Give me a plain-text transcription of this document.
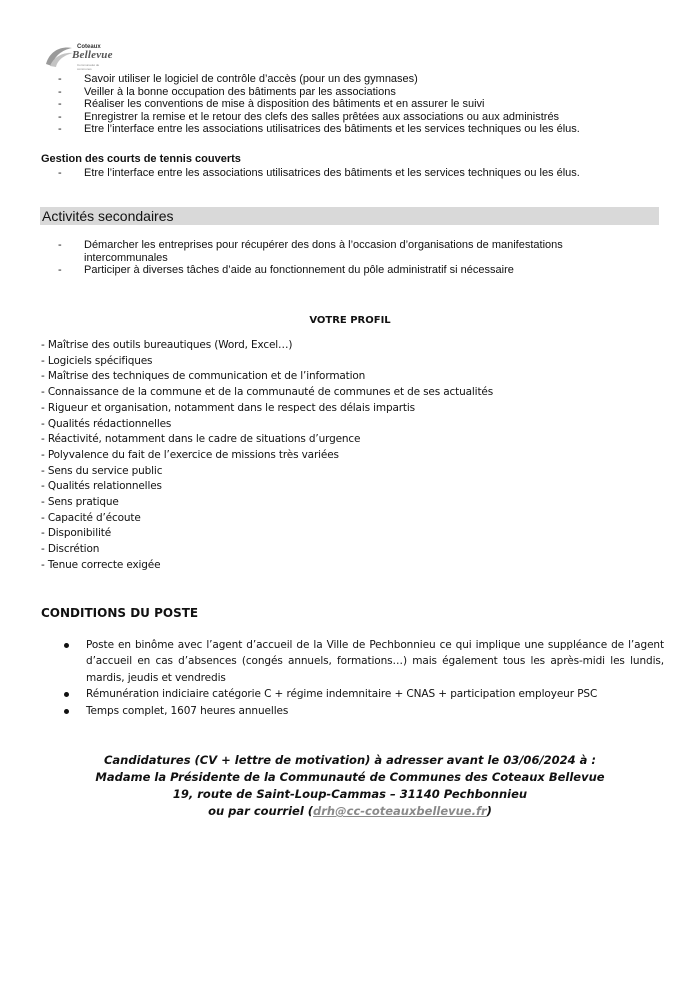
Coteaux
Bellevue
Communauté de communes
- Savoir utiliser le logiciel de contrôle d’accès (pour un des gymnases)
- Veiller à la bonne occupation des bâtiments par les associations
- Réaliser les conventions de mise à disposition des bâtiments et en assurer le suivi
- Enregistrer la remise et le retour des clefs des salles prêtées aux associations ou aux administrés
- Etre l’interface entre les associations utilisatrices des bâtiments et les services techniques ou les élus.
Gestion des courts de tennis couverts
- Etre l’interface entre les associations utilisatrices des bâtiments et les services techniques ou les élus.
Activités secondaires
- Démarcher les entreprises pour récupérer des dons à l’occasion d’organisations de manifestations intercommunales
- Participer à diverses tâches d’aide au fonctionnement du pôle administratif si nécessaire
VOTRE PROFIL
- Maîtrise des outils bureautiques (Word, Excel…)
- Logiciels spécifiques
- Maîtrise des techniques de communication et de l’information
- Connaissance de la commune et de la communauté de communes et de ses actualités
- Rigueur et organisation, notamment dans le respect des délais impartis
- Qualités rédactionnelles
- Réactivité, notamment dans le cadre de situations d’urgence
- Polyvalence du fait de l’exercice de missions très variées
- Sens du service public
- Qualités relationnelles
- Sens pratique
- Capacité d’écoute
- Disponibilité
- Discrétion
- Tenue correcte exigée
CONDITIONS DU POSTE
Poste en binôme avec l’agent d’accueil de la Ville de Pechbonnieu ce qui implique une suppléance de l’agent d’accueil en cas d’absences (congés annuels, formations…) mais également tous les après-midi les lundis, mardis, jeudis et vendredis
Rémunération indiciaire catégorie C + régime indemnitaire + CNAS + participation employeur PSC
Temps complet, 1607 heures annuelles
Candidatures (CV + lettre de motivation) à adresser avant le 03/06/2024 à :
Madame la Présidente de la Communauté de Communes des Coteaux Bellevue
19, route de Saint-Loup-Cammas – 31140 Pechbonnieu
ou par courriel (drh@cc-coteauxbellevue.fr)
